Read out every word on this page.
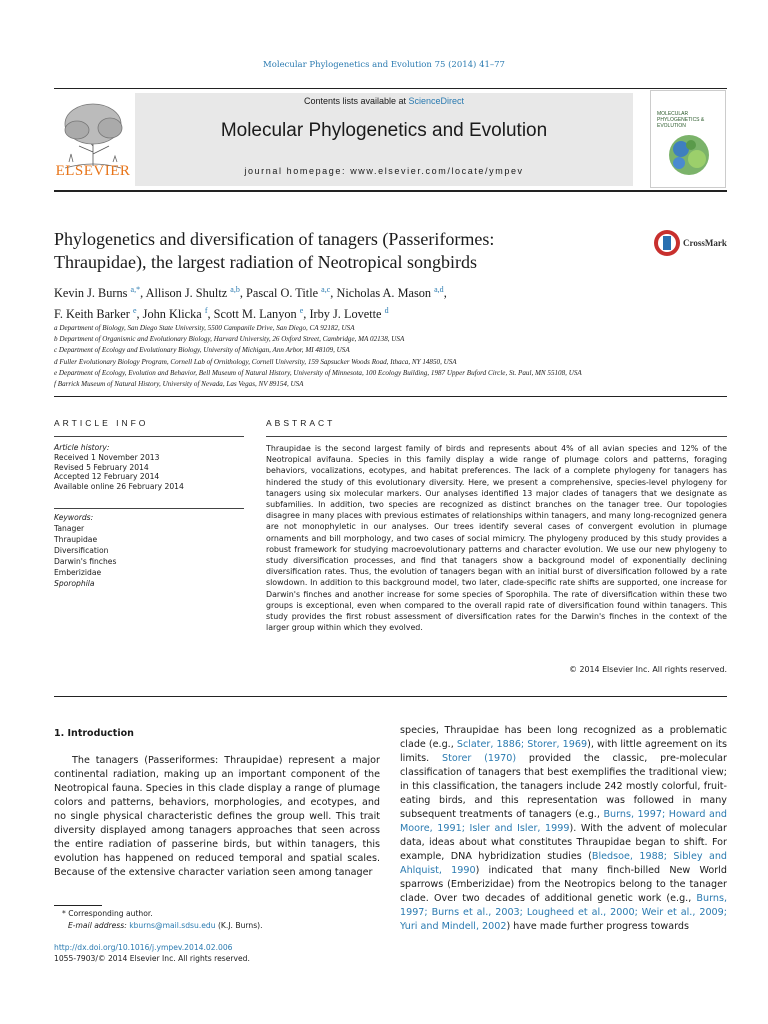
Molecular Phylogenetics and Evolution 75 (2014) 41–77
ELSEVIER
Contents lists available at ScienceDirect
Molecular Phylogenetics and Evolution
journal homepage: www.elsevier.com/locate/ympev
MOLECULAR PHYLOGENETICS & EVOLUTION
Phylogenetics and diversification of tanagers (Passeriformes:
Thraupidae), the largest radiation of Neotropical songbirds
CrossMark
Kevin J. Burns $^{a,*}$, Allison J. Shultz $^{a,b}$, Pascal O. Title $^{a,c}$, Nicholas A. Mason $^{a,d}$,
F. Keith Barker $^e$, John Klicka $^f$, Scott M. Lanyon $^e$, Irby J. Lovette $^d$
a Department of Biology, San Diego State University, 5500 Campanile Drive, San Diego, CA 92182, USA
b Department of Organismic and Evolutionary Biology, Harvard University, 26 Oxford Street, Cambridge, MA 02138, USA
c Department of Ecology and Evolutionary Biology, University of Michigan, Ann Arbor, MI 48109, USA
d Fuller Evolutionary Biology Program, Cornell Lab of Ornithology, Cornell University, 159 Sapsucker Woods Road, Ithaca, NY 14850, USA
e Department of Ecology, Evolution and Behavior, Bell Museum of Natural History, University of Minnesota, 100 Ecology Building, 1987 Upper Buford Circle, St. Paul, MN 55108, USA
f Barrick Museum of Natural History, University of Nevada, Las Vegas, NV 89154, USA
ARTICLE INFO	ABSTRACT
Article history:
Received 1 November 2013
Revised 5 February 2014
Accepted 12 February 2014
Available online 26 February 2014
Keywords:
Tanager
Thraupidae
Diversification
Darwin's finches
Emberizidae
Sporophila
Thraupidae is the second largest family of birds and represents about 4% of all avian species and 12% of the Neotropical avifauna. Species in this family display a wide range of plumage colors and patterns, foraging behaviors, vocalizations, ecotypes, and habitat preferences. The lack of a complete phylogeny for tanagers has hindered the study of this evolutionary diversity. Here, we present a comprehensive, species-level phylogeny for tanagers using six molecular markers. Our analyses identified 13 major clades of tanagers that we designate as subfamilies. In addition, two species are recognized as distinct branches on the tanager tree. Our topologies disagree in many places with previous estimates of relationships within tanagers, and many long-recognized genera are not monophyletic in our analyses. Our trees identify several cases of convergent evolution in plumage ornaments and bill morphology, and two cases of social mimicry. The phylogeny produced by this study provides a robust framework for studying macroevolutionary patterns and character evolution. We use our new phylogeny to study diversification processes, and find that tanagers show a background model of exponentially declining diversification rates. Thus, the evolution of tanagers began with an initial burst of diversification followed by a rate slowdown. In addition to this background model, two later, clade-specific rate shifts are supported, one increase for Darwin's finches and another increase for some species of Sporophila. The rate of diversification within these two groups is exceptional, even when compared to the overall rapid rate of diversification found within tanagers. This study provides the first robust assessment of diversification rates for the Darwin's finches in the context of the larger group within which they evolved.
© 2014 Elsevier Inc. All rights reserved.
1. Introduction
The tanagers (Passeriformes: Thraupidae) represent a major continental radiation, making up an important component of the Neotropical fauna. Species in this clade display a range of plumage colors and patterns, behaviors, morphologies, and ecotypes, and no single physical characteristic defines the group well. This trait diversity displayed among tanagers approaches that seen across the entire radiation of passerine birds, but within tanagers, this evolution has happened on reduced temporal and spatial scales. Because of the extensive character variation seen among tanager
species, Thraupidae has been long recognized as a problematic clade (e.g., Sclater, 1886; Storer, 1969), with little agreement on its limits. Storer (1970) provided the classic, pre-molecular classification of tanagers that best exemplifies the traditional view; in this classification, the tanagers include 242 mostly colorful, fruit-eating birds, and this representation was followed in many subsequent treatments of tanagers (e.g., Burns, 1997; Howard and Moore, 1991; Isler and Isler, 1999). With the advent of molecular data, ideas about what constitutes Thraupidae began to shift. For example, DNA hybridization studies (Bledsoe, 1988; Sibley and Ahlquist, 1990) indicated that many finch-billed New World sparrows (Emberizidae) from the Neotropics belong to the tanager clade. Over two decades of additional genetic work (e.g., Burns, 1997; Burns et al., 2003; Lougheed et al., 2000; Weir et al., 2009; Yuri and Mindell, 2002) have made further progress towards
* Corresponding author.
E-mail address: kburns@mail.sdsu.edu (K.J. Burns).
http://dx.doi.org/10.1016/j.ympev.2014.02.006
1055-7903/© 2014 Elsevier Inc. All rights reserved.
